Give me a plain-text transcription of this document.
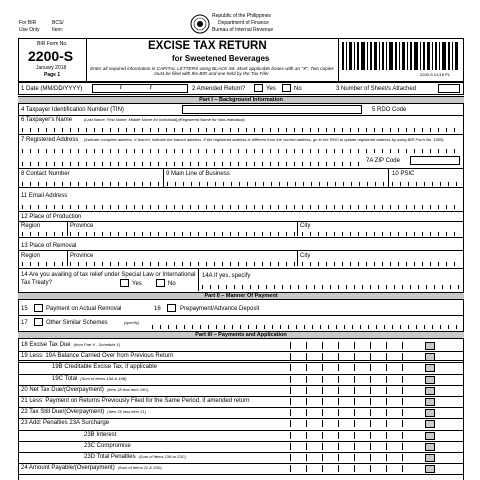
For BIR
Use Only
BCS/
Item:
Republic of the Philippines
Department of Finance
Bureau of Internal Revenue
BIR Form No.
2200-S
January 2018
Page 1
EXCISE TAX RETURN
for Sweetened Beverages
Enter all required information in CAPITAL LETTERS using BLACK ink. Mark applicable boxes with an "X". Two copies must be filed with the BIR and one held by the Tax Filer.	2200-S 01/18 P1
1 Date (MM/DD/YYYY)	/	/	2 Amended Return?	Yes	No	3 Number of Sheet/s Attached
Part I – Background Information
4 Taxpayer Identification Number (TIN)	5 RDO Code
6 Taxpayer's Name	(Last Name, First Name, Middle Name for Individual)/(Registered Name for Non-Individual)
7 Registered Address (Indicate complete address. If branch, indicate the branch address. If the registered address is different from the current address, go to the RDO to update registered address by using BIR Form No. 1905)
7A ZIP Code
8 Contact Number	9 Main Line of Business	10 PSIC
11 Email Address
12 Place of Production
Region	Province	City
13 Place of Removal
Region	Province	City
14 Are you availing of tax relief under Special Law or International Tax Treaty?	Yes	No
14A If yes, specify
Part II – Manner Of Payment
15	Payment on Actual Removal	16	Prepayment/Advance Deposit
17	Other Similar Schemes	(specify)
Part III – Payments and Application
18 Excise Tax Due (from Part V - Schedule 1)
19 Less: 19A Balance Carried Over from Previous Return
19B Creditable Excise Tax, if applicable
19C Total (Sum of Items 19A & 19B)
20 Net Tax Due/(Overpayment) (Item 18 less Item 19C)
21 Less: Payment on Returns Previously Filed for the Same Period, if amended return
22 Tax Still Due/(Overpayment) (Item 20 less Item 21)
23 Add: Penalties 23A Surcharge
23B Interest
23C Compromise
23D Total Penalties (Sum of Items 23A to 23C)
24 Amount Payable/(Overpayment) (Sum of Items 22 & 23D)
